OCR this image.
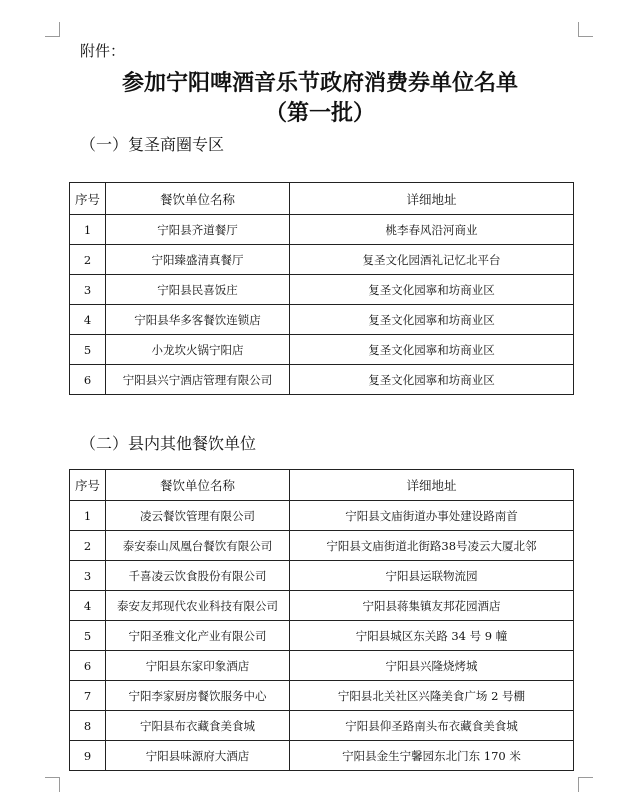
附件：
参加宁阳啤酒音乐节政府消费券单位名单
（第一批）
（一）复圣商圈专区
序号	餐饮单位名称	详细地址
1	宁阳县齐道餐厅	桃李春风沿河商业
2	宁阳臻盛清真餐厅	复圣文化园酒礼记忆北平台
3	宁阳县民喜饭庄	复圣文化园寧和坊商业区
4	宁阳县华多客餐饮连锁店	复圣文化园寧和坊商业区
5	小龙坎火锅宁阳店	复圣文化园寧和坊商业区
6	宁阳县兴宁酒店管理有限公司	复圣文化园寧和坊商业区
（二）县内其他餐饮单位
序号	餐饮单位名称	详细地址
1	凌云餐饮管理有限公司	宁阳县文庙街道办事处建设路南首
2	泰安泰山凤凰台餐饮有限公司	宁阳县文庙街道北街路38号凌云大厦北邻
3	千喜凌云饮食股份有限公司	宁阳县运联物流园
4	泰安友邦现代农业科技有限公司	宁阳县蒋集镇友邦花园酒店
5	宁阳圣雅文化产业有限公司	宁阳县城区东关路 34 号 9 幢
6	宁阳县东家印象酒店	宁阳县兴隆烧烤城
7	宁阳李家厨房餐饮服务中心	宁阳县北关社区兴隆美食广场 2 号棚
8	宁阳县布衣藏食美食城	宁阳县仰圣路南头布衣藏食美食城
9	宁阳县味源府大酒店	宁阳县金生宁馨园东北门东 170 米
